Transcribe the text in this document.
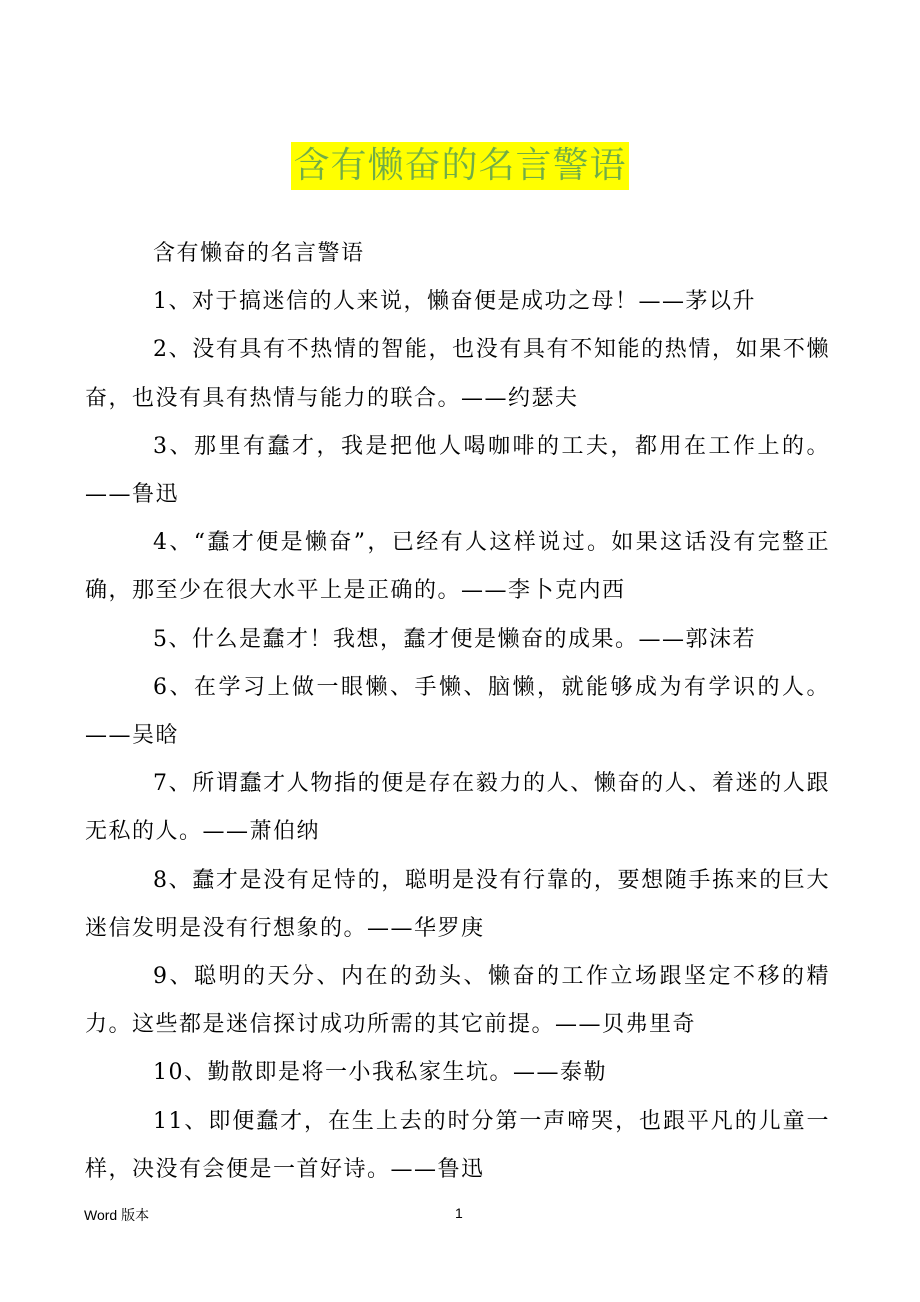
含有懒奋的名言警语

含有懒奋的名言警语

1、对于搞迷信的人来说，懒奋便是成功之母！——茅以升

2、没有具有不热情的智能，也没有具有不知能的热情，如果不懒奋，也没有具有热情与能力的联合。——约瑟夫

3、那里有蠢才，我是把他人喝咖啡的工夫，都用在工作上的。——鲁迅

4、“蠢才便是懒奋”，已经有人这样说过。如果这话没有完整正确，那至少在很大水平上是正确的。——李卜克内西

5、什么是蠢才！我想，蠢才便是懒奋的成果。——郭沫若

6、在学习上做一眼懒、手懒、脑懒，就能够成为有学识的人。——吴晗

7、所谓蠢才人物指的便是存在毅力的人、懒奋的人、着迷的人跟无私的人。——萧伯纳

8、蠢才是没有足恃的，聪明是没有行靠的，要想随手拣来的巨大迷信发明是没有行想象的。——华罗庚

9、聪明的天分、内在的劲头、懒奋的工作立场跟坚定不移的精力。这些都是迷信探讨成功所需的其它前提。——贝弗里奇

10、勤散即是将一小我私家生坑。——泰勒

11、即便蠢才，在生上去的时分第一声啼哭，也跟平凡的儿童一样，决没有会便是一首好诗。——鲁迅

Word 版本	1
